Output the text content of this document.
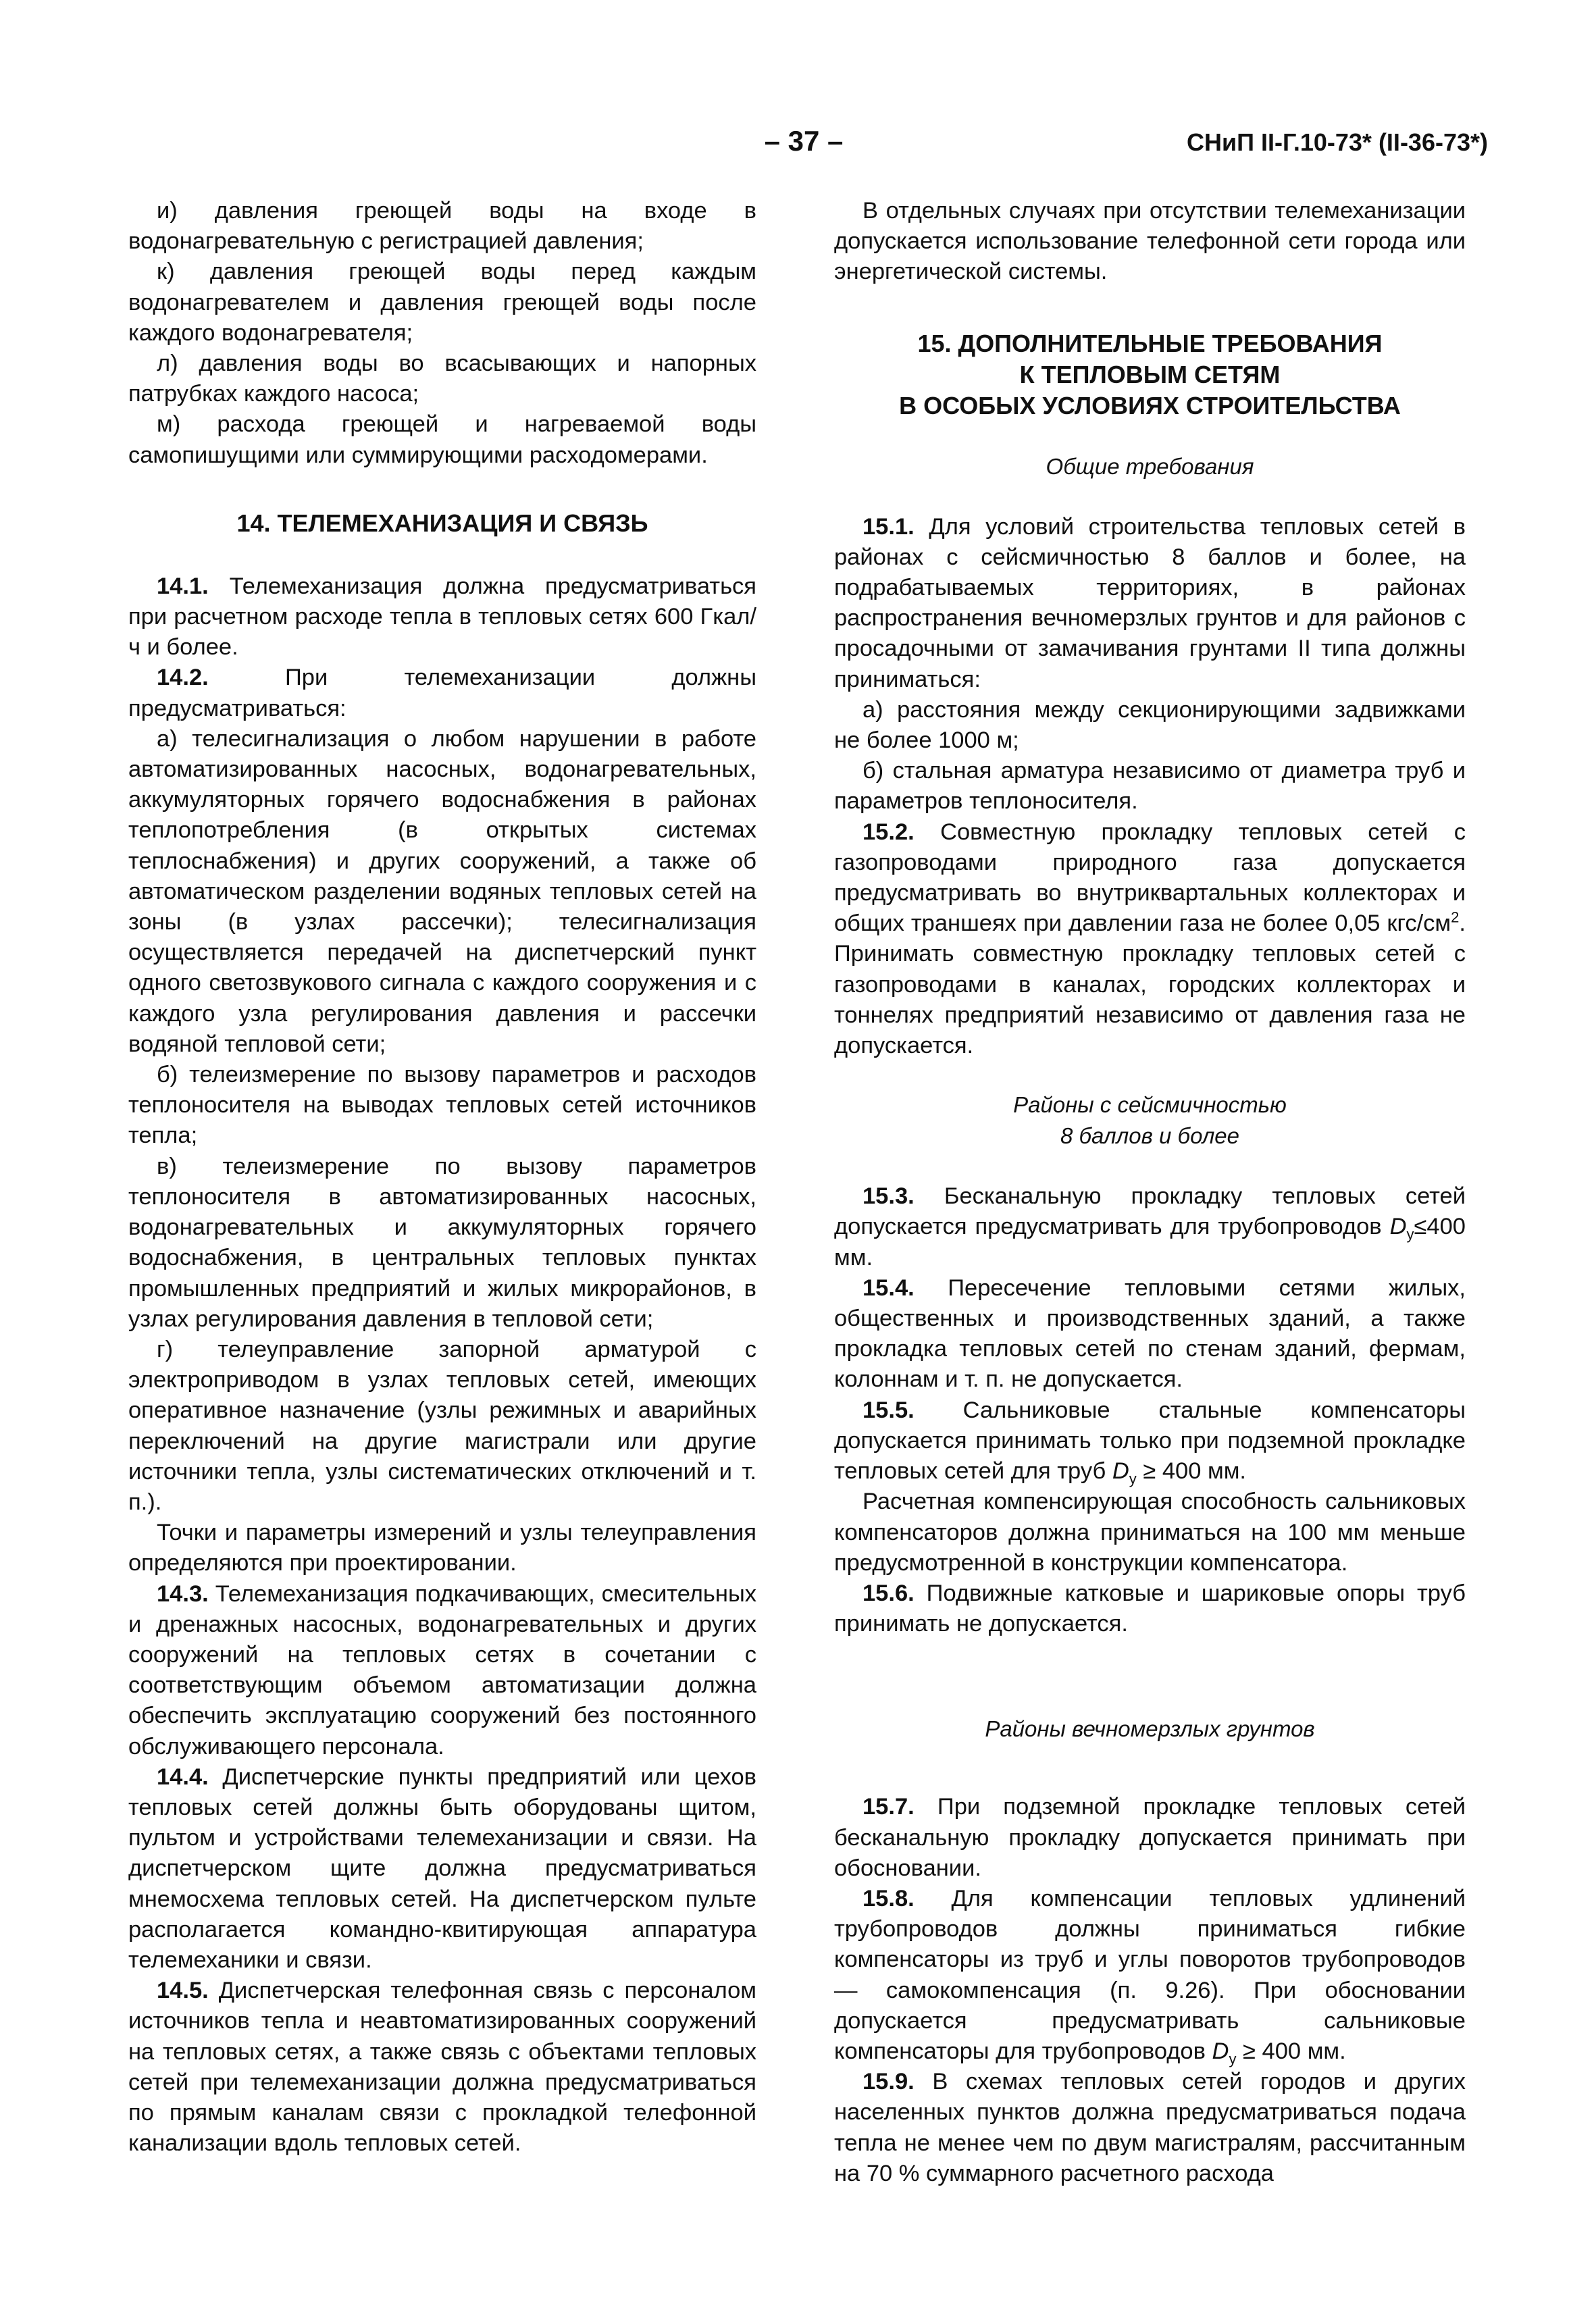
– 37 –	СНиП II-Г.10-73* (II-36-73*)

и) давления греющей воды на входе в водонагревательную с регистрацией давления;

к) давления греющей воды перед каждым водонагревателем и давления греющей воды после каждого водонагревателя;

л) давления воды во всасывающих и напорных патрубках каждого насоса;

м) расхода греющей и нагреваемой воды самопишущими или суммирующими расходомерами.

14. ТЕЛЕМЕХАНИЗАЦИЯ И СВЯЗЬ

14.1. Телемеханизация должна предусматриваться при расчетном расходе тепла в тепловых сетях 600 Гкал/ч и более.

14.2.	При телемеханизации должны предусматриваться:

а) телесигнализация о любом нарушении в работе автоматизированных насосных, водонагревательных, аккумуляторных горячего водоснабжения в районах теплопотребления (в открытых системах теплоснабжения) и других сооружений, а также об автоматическом разделении водяных тепловых сетей на зоны (в узлах рассечки); телесигнализация осуществляется передачей на диспетчерский пункт одного светозвукового сигнала с каждого сооружения и с каждого узла регулирования давления и рассечки водяной тепловой сети;

б) телеизмерение по вызову параметров и расходов теплоносителя на выводах тепловых сетей источников тепла;

в) телеизмерение по вызову параметров теплоносителя в автоматизированных насосных, водонагревательных и аккумуляторных горячего водоснабжения, в центральных тепловых пунктах промышленных предприятий и жилых микрорайонов, в узлах регулирования давления в тепловой сети;

г) телеуправление запорной арматурой с электроприводом в узлах тепловых сетей, имеющих оперативное назначение (узлы режимных и аварийных переключений на другие магистрали или другие источники тепла, узлы систематических отключений и т. п.).

Точки и параметры измерений и узлы телеуправления определяются при проектировании.

14.3. Телемеханизация подкачивающих, смесительных и дренажных насосных, водонагревательных и других сооружений на тепловых сетях в сочетании с соответствующим объемом автоматизации должна обеспечить эксплуатацию сооружений без постоянного обслуживающего персонала.

14.4. Диспетчерские пункты предприятий или цехов тепловых сетей должны быть оборудованы щитом, пультом и устройствами телемеханизации и связи. На диспетчерском щите должна предусматриваться мнемосхема тепловых сетей. На диспетчерском пульте располагается командно-квитирующая аппаратура телемеханики и связи.

14.5. Диспетчерская телефонная связь с персоналом источников тепла и неавтоматизированных сооружений на тепловых сетях, а также связь с объектами тепловых сетей при телемеханизации должна предусматриваться по прямым каналам связи с прокладкой телефонной канализации вдоль тепловых сетей.

В отдельных случаях при отсутствии телемеханизации допускается использование телефонной сети города или энергетической системы.

15. ДОПОЛНИТЕЛЬНЫЕ ТРЕБОВАНИЯ
К ТЕПЛОВЫМ СЕТЯМ
В ОСОБЫХ УСЛОВИЯХ СТРОИТЕЛЬСТВА
Общие требования

15.1. Для условий строительства тепловых сетей в районах с сейсмичностью 8 баллов и более, на подрабатываемых территориях, в районах распространения вечномерзлых грунтов и для районов с просадочными от замачивания грунтами II типа должны приниматься:

а) расстояния между секционирующими задвижками не более 1000 м;

б) стальная арматура независимо от диаметра труб и параметров теплоносителя.

15.2. Совместную прокладку тепловых сетей с газопроводами природного газа допускается предусматривать во внутриквартальных коллекторах и общих траншеях при давлении газа не более 0,05 кгс/$см^2$. Принимать совместную прокладку тепловых сетей с газопроводами в каналах, городских коллекторах и тоннелях предприятий независимо от давления газа не допускается.

Районы с сейсмичностью
8 баллов и более

15.3. Бесканальную прокладку тепловых сетей допускается предусматривать для трубопроводов $D_y\le 400$ мм.

15.4. Пересечение тепловыми сетями жилых, общественных и производственных зданий, а также прокладка тепловых сетей по стенам зданий, фермам, колоннам и т. п. не допускается.

15.5. Сальниковые стальные компенсаторы допускается принимать только при подземной прокладке тепловых сетей для труб $D_y \ge 400$ мм.

Расчетная компенсирующая способность сальниковых компенсаторов должна приниматься на 100 мм меньше предусмотренной в конструкции компенсатора.

15.6. Подвижные катковые и шариковые опоры труб принимать не допускается.

Районы вечномерзлых грунтов

15.7. При подземной прокладке тепловых сетей бесканальную прокладку допускается принимать при обосновании.

15.8. Для компенсации тепловых удлинений трубопроводов должны приниматься гибкие компенсаторы из труб и углы поворотов трубопроводов — самокомпенсация (п. 9.26). При обосновании допускается предусматривать сальниковые компенсаторы для трубопроводов $D_y \ge 400$ мм.

15.9. В схемах тепловых сетей городов и других населенных пунктов должна предусматриваться подача тепла не менее чем по двум магистралям, рассчитанным на 70 % суммарного расчетного расхода
